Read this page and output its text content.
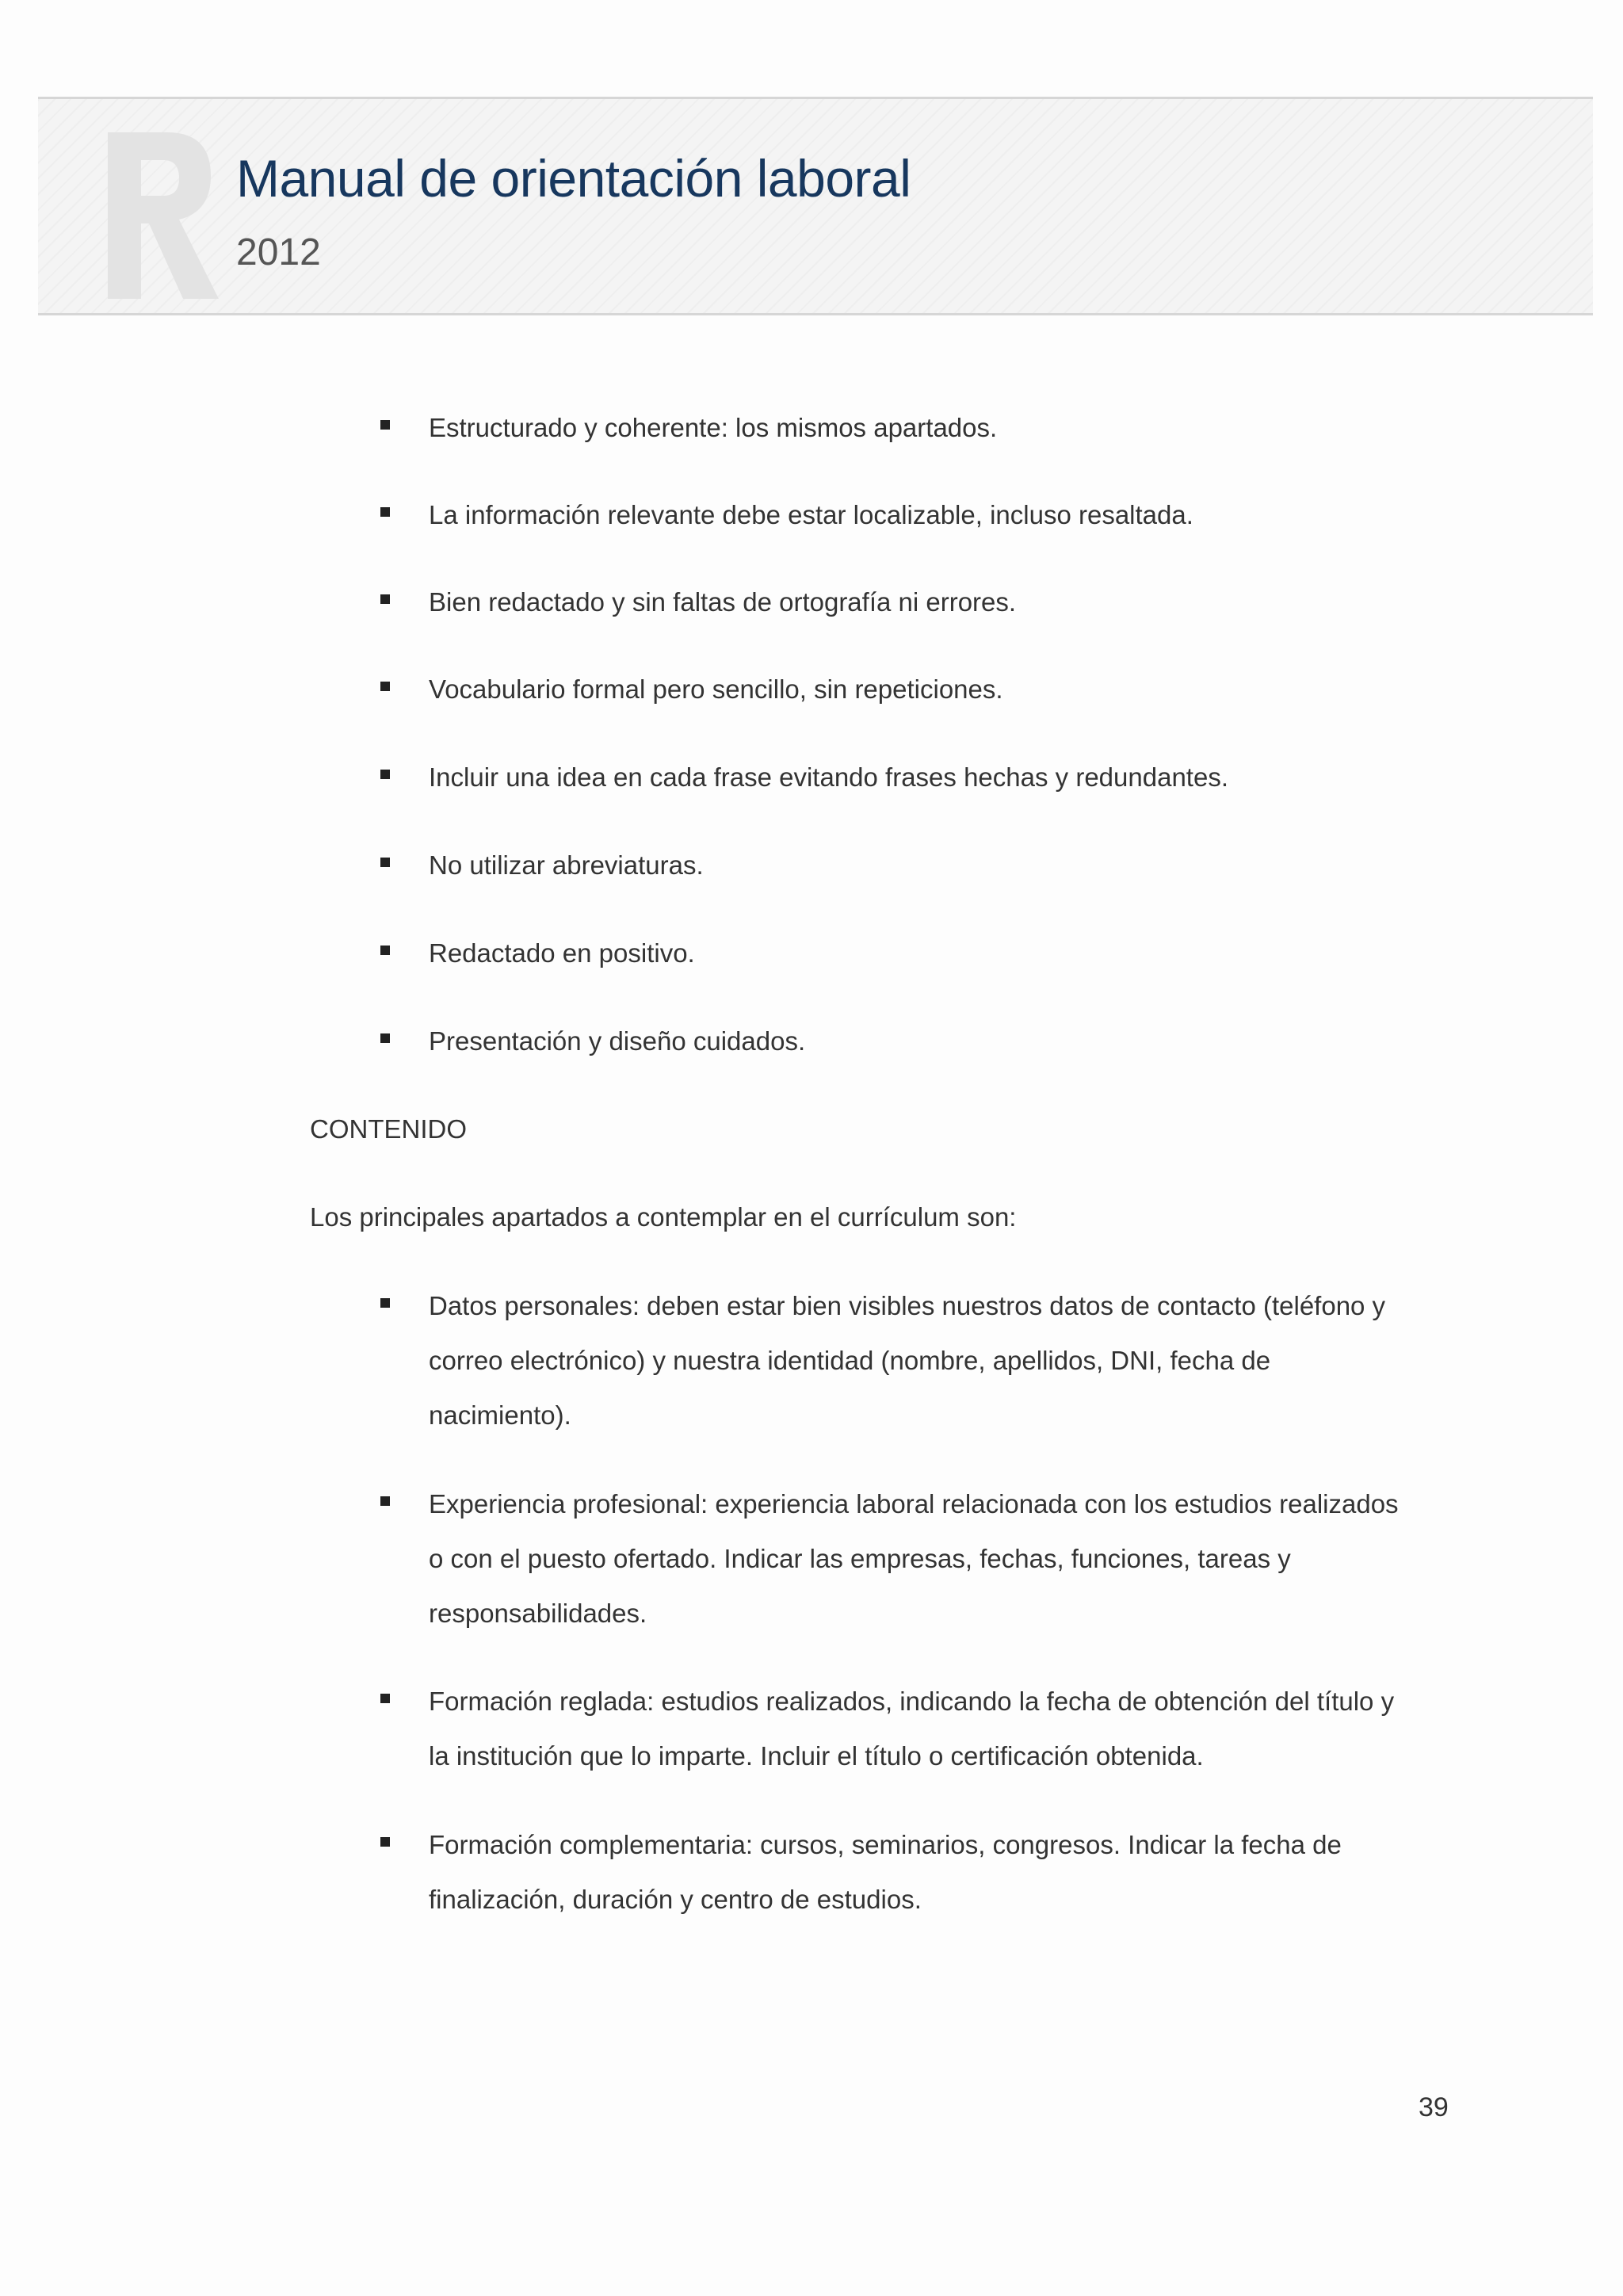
Manual de orientación laboral
2012
Estructurado y coherente: los mismos apartados.
La información relevante debe estar localizable, incluso resaltada.
Bien redactado y sin faltas de ortografía ni errores.
Vocabulario formal pero sencillo, sin repeticiones.
Incluir una idea en cada frase evitando frases hechas y redundantes.
No utilizar abreviaturas.
Redactado en positivo.
Presentación y diseño cuidados.
CONTENIDO
Los principales apartados a contemplar en el currículum son:
Datos personales: deben estar bien visibles nuestros datos de contacto (teléfono y
correo electrónico) y nuestra identidad (nombre, apellidos, DNI, fecha de
nacimiento).
Experiencia profesional: experiencia laboral relacionada con los estudios realizados
o con el puesto ofertado. Indicar las empresas, fechas, funciones, tareas y
responsabilidades.
Formación reglada: estudios realizados, indicando la fecha de obtención del título y
la institución que lo imparte. Incluir el título o certificación obtenida.
Formación complementaria: cursos, seminarios, congresos. Indicar la fecha de
finalización, duración y centro de estudios.
39
